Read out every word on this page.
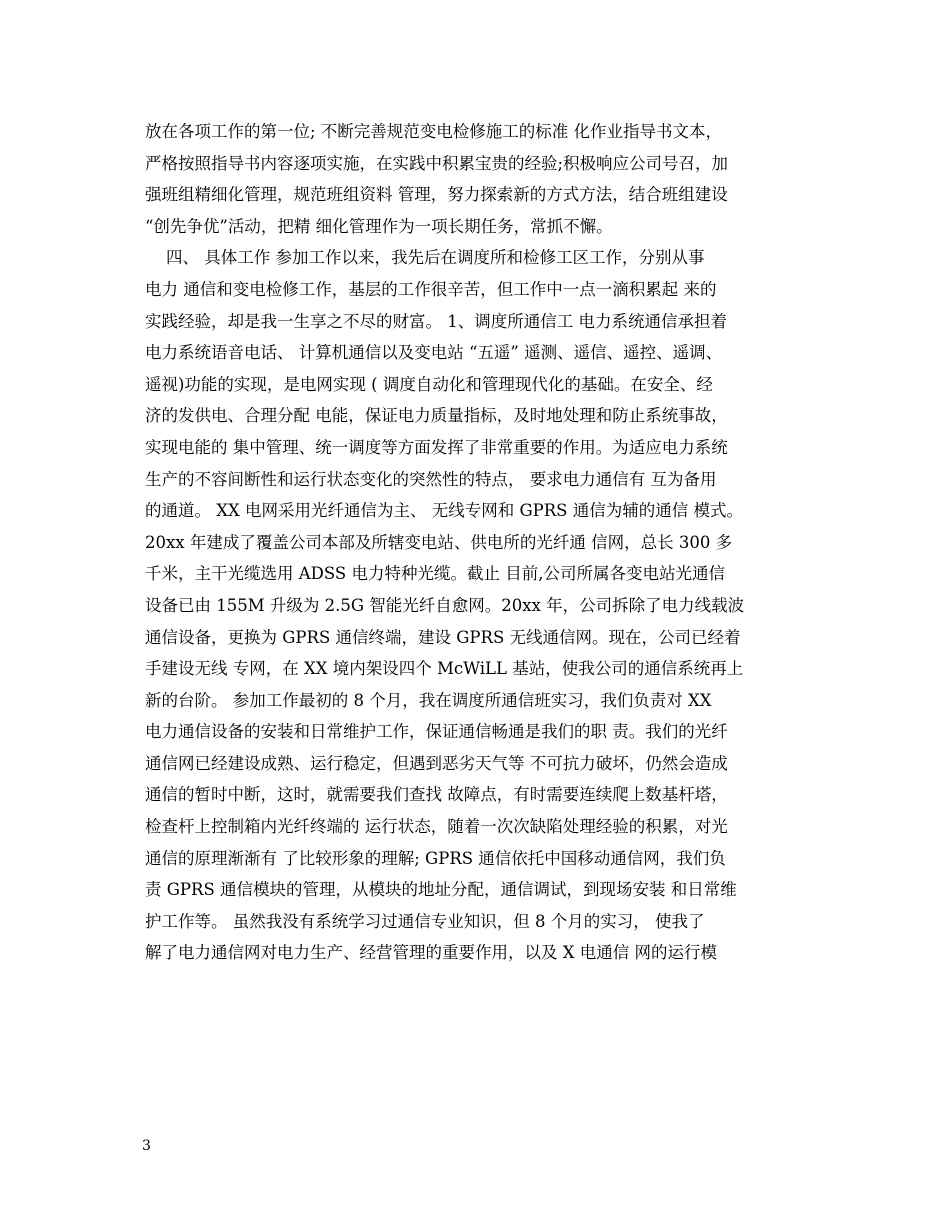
放在各项工作的第一位; 不断完善规范变电检修施工的标准 化作业指导书文本，
严格按照指导书内容逐项实施，在实践中积累宝贵的经验;积极响应公司号召，加
强班组精细化管理，规范班组资料 管理，努力探索新的方式方法，结合班组建设
“创先争优”活动，把精 细化管理作为一项长期任务，常抓不懈。
四、 具体工作 参加工作以来，我先后在调度所和检修工区工作，分别从事
电力 通信和变电检修工作，基层的工作很辛苦，但工作中一点一滴积累起 来的
实践经验，却是我一生享之不尽的财富。 1、调度所通信工 电力系统通信承担着
电力系统语音电话、 计算机通信以及变电站 “五遥” 遥测、遥信、遥控、遥调、
遥视)功能的实现，是电网实现 ( 调度自动化和管理现代化的基础。在安全、经
济的发供电、合理分配 电能，保证电力质量指标，及时地处理和防止系统事故，
实现电能的 集中管理、统一调度等方面发挥了非常重要的作用。为适应电力系统
生产的不容间断性和运行状态变化的突然性的特点， 要求电力通信有 互为备用
的通道。 XX 电网采用光纤通信为主、 无线专网和 GPRS 通信为辅的通信 模式。
20xx 年建成了覆盖公司本部及所辖变电站、供电所的光纤通 信网，总长 300 多
千米，主干光缆选用 ADSS 电力特种光缆。截止 目前,公司所属各变电站光通信
设备已由 155M 升级为 2.5G 智能光纤自愈网。20xx 年，公司拆除了电力线载波
通信设备，更换为 GPRS 通信终端，建设 GPRS 无线通信网。现在，公司已经着
手建设无线 专网，在 XX 境内架设四个 McWiLL 基站，使我公司的通信系统再上
新的台阶。 参加工作最初的 8 个月，我在调度所通信班实习，我们负责对 XX
电力通信设备的安装和日常维护工作，保证通信畅通是我们的职 责。我们的光纤
通信网已经建设成熟、运行稳定，但遇到恶劣天气等 不可抗力破坏，仍然会造成
通信的暂时中断，这时，就需要我们查找 故障点，有时需要连续爬上数基杆塔，
检查杆上控制箱内光纤终端的 运行状态，随着一次次缺陷处理经验的积累，对光
通信的原理渐渐有 了比较形象的理解; GPRS 通信依托中国移动通信网，我们负
责 GPRS 通信模块的管理，从模块的地址分配，通信调试，到现场安装 和日常维
护工作等。 虽然我没有系统学习过通信专业知识，但 8 个月的实习， 使我了
解了电力通信网对电力生产、经营管理的重要作用，以及 X 电通信 网的运行模
3
